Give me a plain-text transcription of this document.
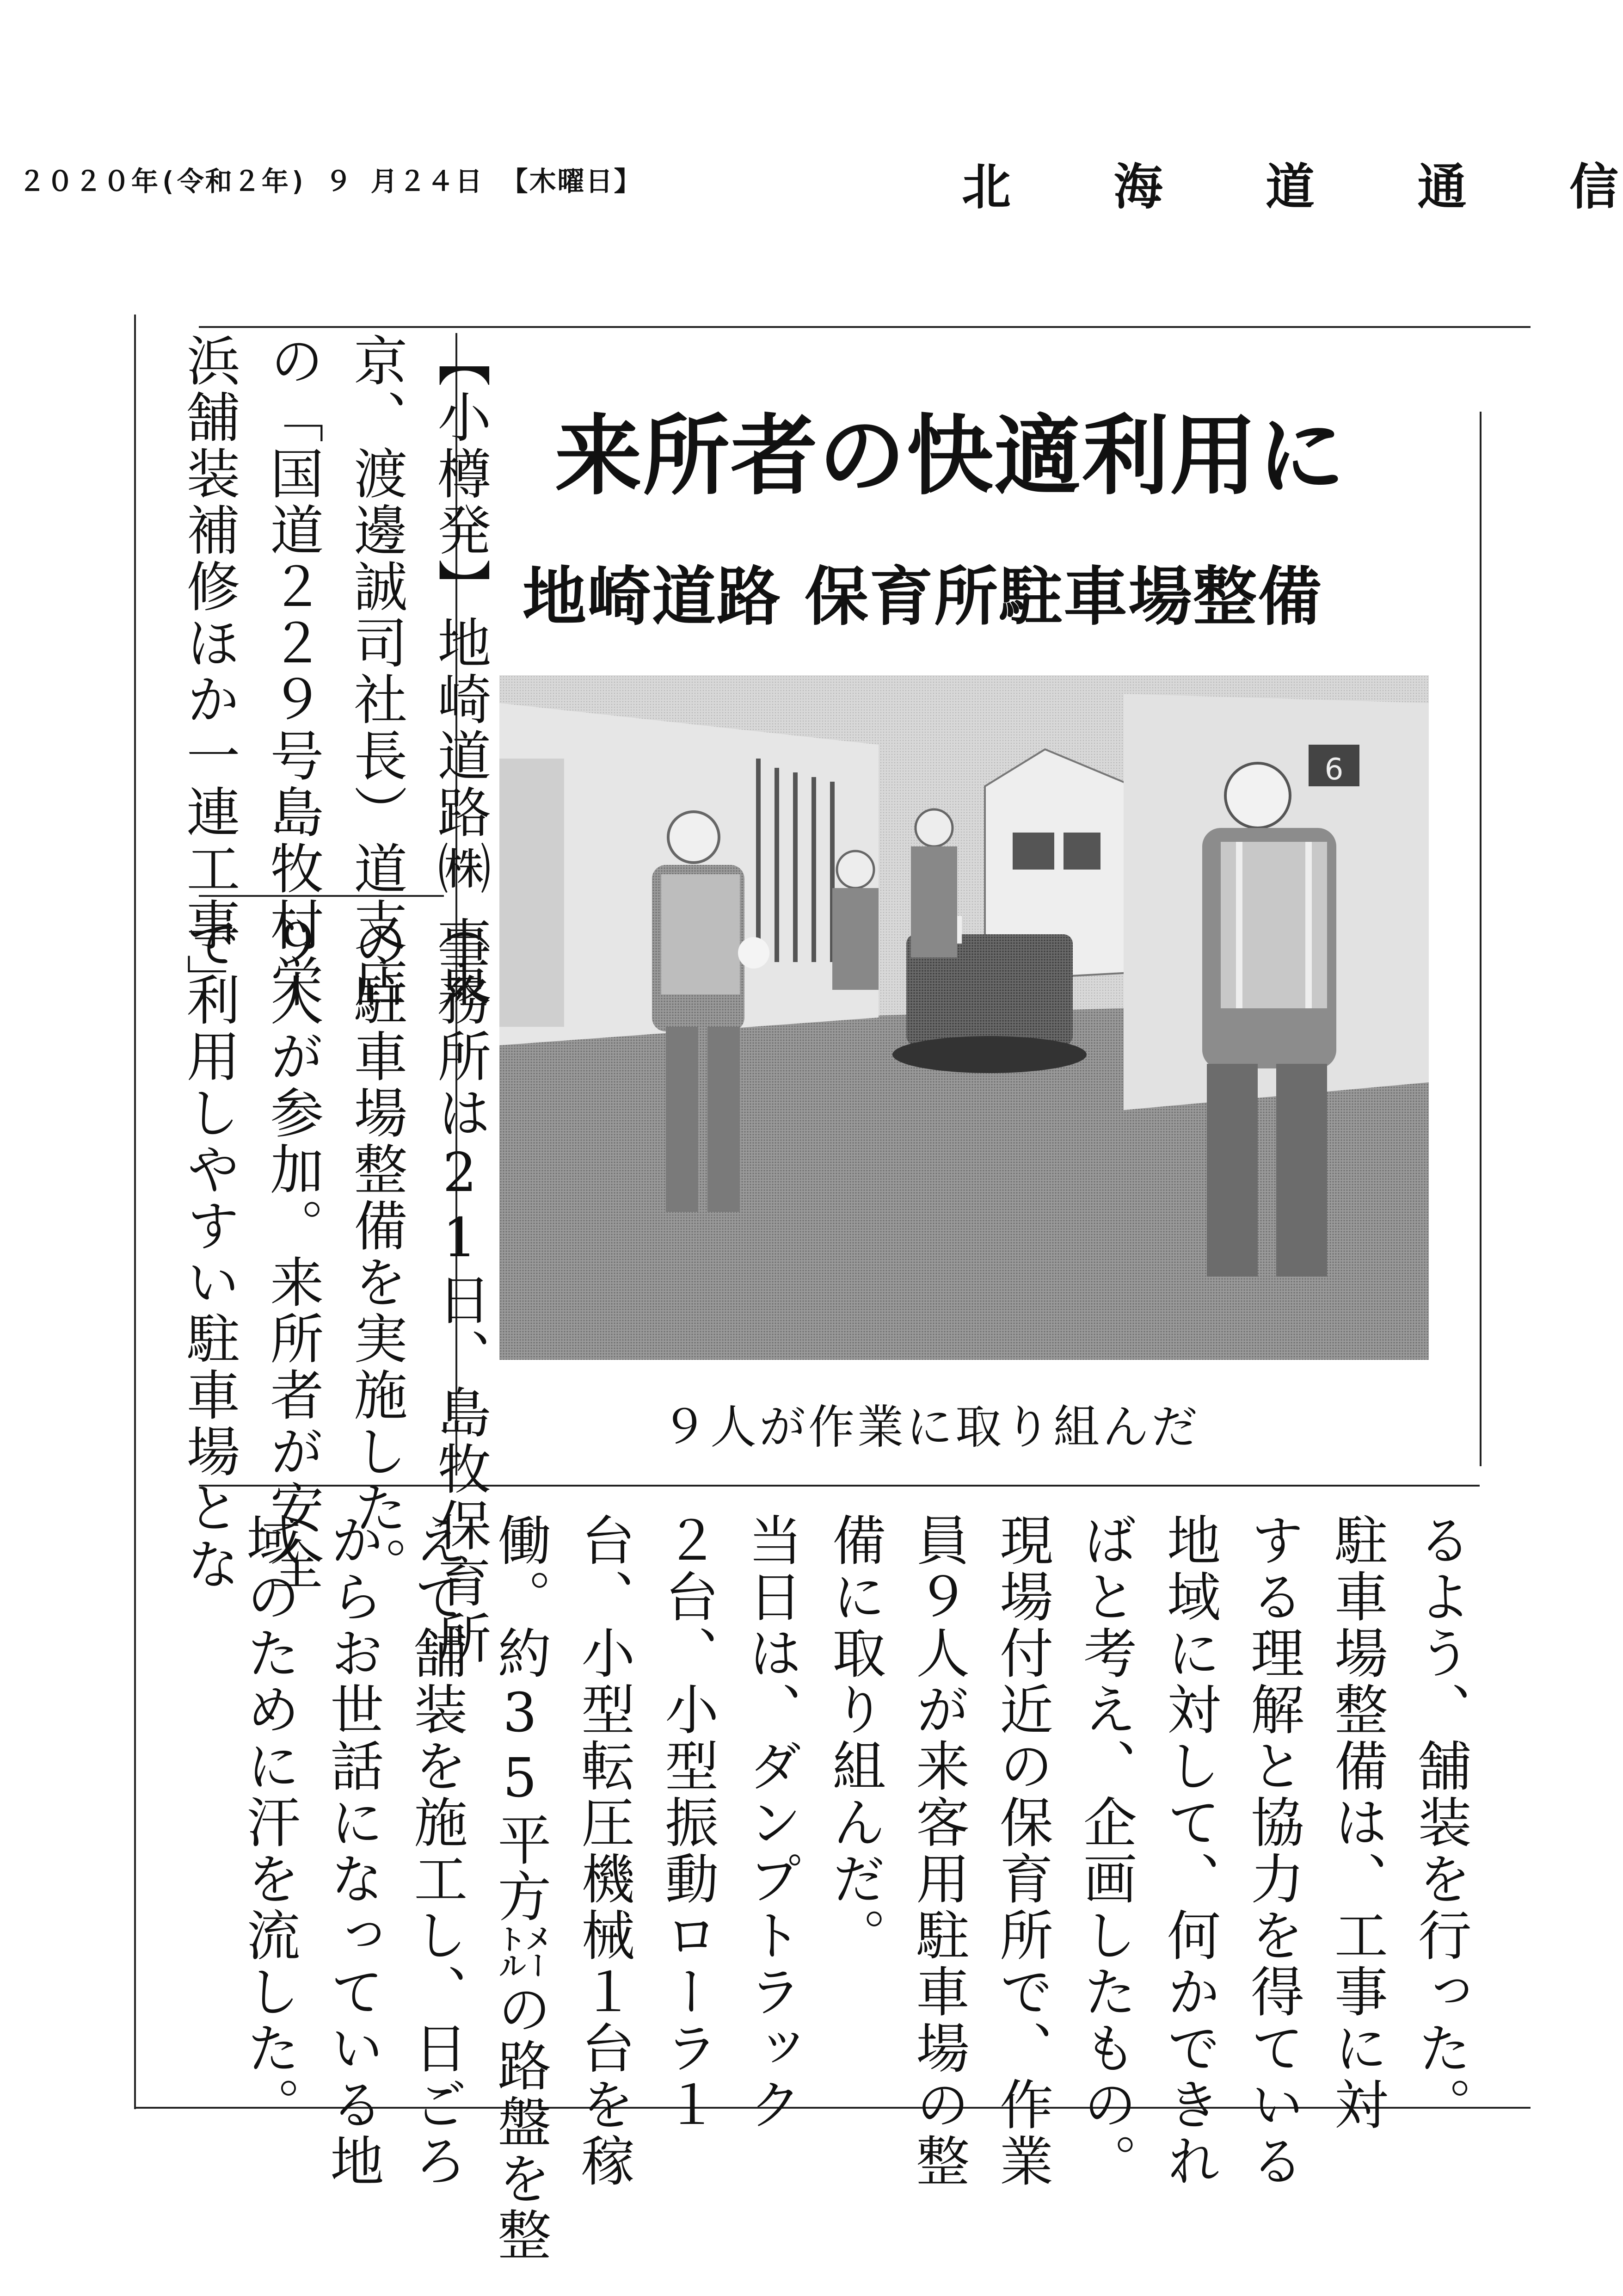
２０２０年(令和２年) ９ 月２４日 【木曜日】	北 海 道 通 信
来所者の快適利用に
地崎道路 保育所駐車場整備
6
９人が作業に取り組んだ
【小樽発】地崎道路㈱（東
京、渡邊誠司社長）道支店
の「国道２２９号島牧村栄
浜舗装補修ほか一連工事」
事務所は21日、島牧保育所
の駐車場整備を実施した。
９人が参加。来所者が安全
で利用しやすい駐車場とな
るよう、舗装を行った。
駐車場整備は、工事に対
する理解と協力を得ている
地域に対して、何かできれ
ばと考え、企画したもの。
現場付近の保育所で、作業
員９人が来客用駐車場の整
備に取り組んだ。
当日は、ダンプトラック
２台、小型振動ローラ１
台、小型転圧機械１台を稼
働。約35平方㍍の路盤を整
えて舗装を施工し、日ごろ
からお世話になっている地
域のために汗を流した。
